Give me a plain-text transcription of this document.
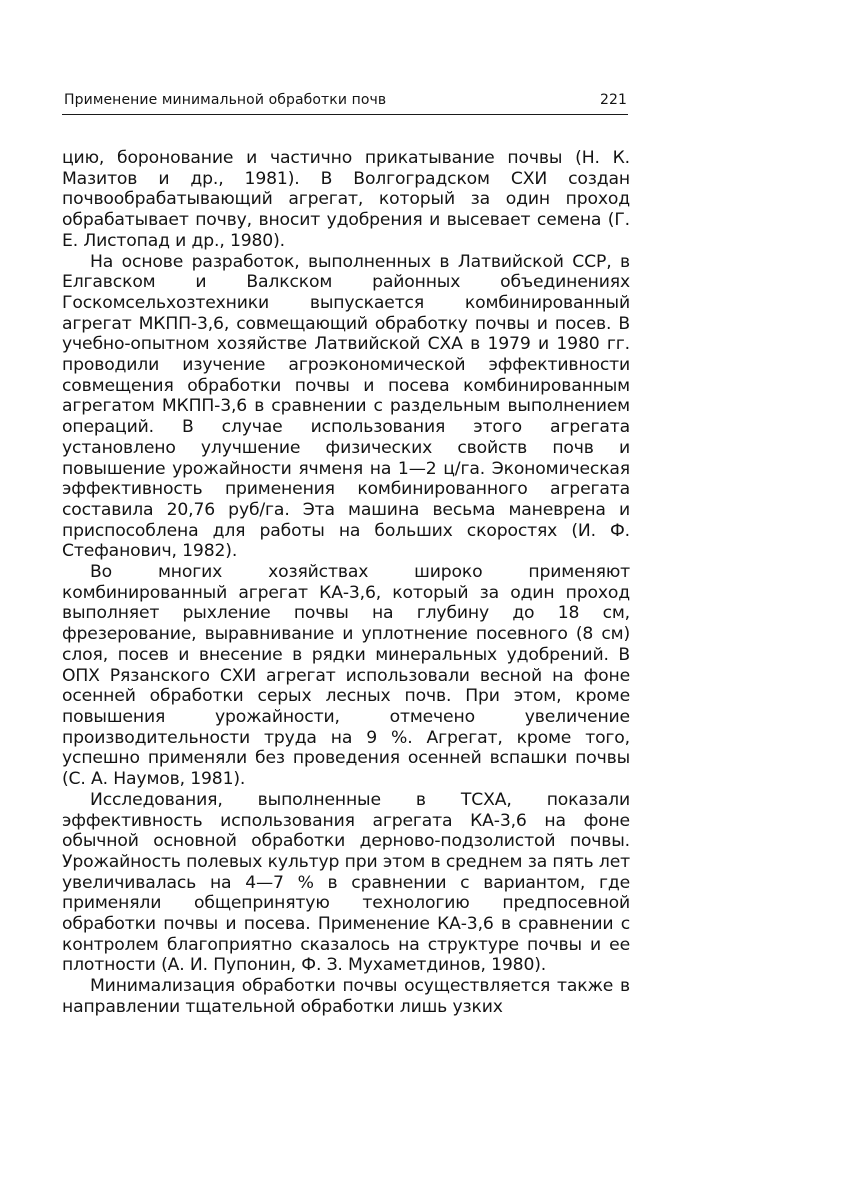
Применение минимальной обработки почв	221

цию, боронование и частично прикатывание почвы (Н. К. Мазитов и др., 1981). В Волгоградском СХИ создан почвообрабатывающий агрегат, который за один проход обрабатывает почву, вносит удобрения и высевает семена (Г. Е. Листопад и др., 1980).

На основе разработок, выполненных в Латвийской ССР, в Елгавском и Валкском районных объединениях Госкомсельхозтехники выпускается комбинированный агрегат МКПП-3,6, совмещающий обработку почвы и посев. В учебно-опытном хозяйстве Латвийской СХА в 1979 и 1980 гг. проводили изучение агроэкономической эффективности совмещения обработки почвы и посева комбинированным агрегатом МКПП-3,6 в сравнении с раздельным выполнением операций. В случае использования этого агрегата установлено улучшение физических свойств почв и повышение урожайности ячменя на 1—2 ц/га. Экономическая эффективность применения комбинированного агрегата составила 20,76 руб/га. Эта машина весьма маневрена и приспособлена для работы на больших скоростях (И. Ф. Стефанович, 1982).

Во многих хозяйствах широко применяют комбинированный агрегат КА-3,6, который за один проход выполняет рыхление почвы на глубину до 18 см, фрезерование, выравнивание и уплотнение посевного (8 см) слоя, посев и внесение в рядки минеральных удобрений. В ОПХ Рязанского СХИ агрегат использовали весной на фоне осенней обработки серых лесных почв. При этом, кроме повышения урожайности, отмечено увеличение производительности труда на 9 %. Агрегат, кроме того, успешно применяли без проведения осенней вспашки почвы (С. А. Наумов, 1981).

Исследования, выполненные в ТСХА, показали эффективность использования агрегата КА-3,6 на фоне обычной основной обработки дерново-подзолистой почвы. Урожайность полевых культур при этом в среднем за пять лет увеличивалась на 4—7 % в сравнении с вариантом, где применяли общепринятую технологию предпосевной обработки почвы и посева. Применение КА-3,6 в сравнении с контролем благоприятно сказалось на структуре почвы и ее плотности (А. И. Пупонин, Ф. З. Мухаметдинов, 1980).

Минимализация обработки почвы осуществляется также в направлении тщательной обработки лишь узких
